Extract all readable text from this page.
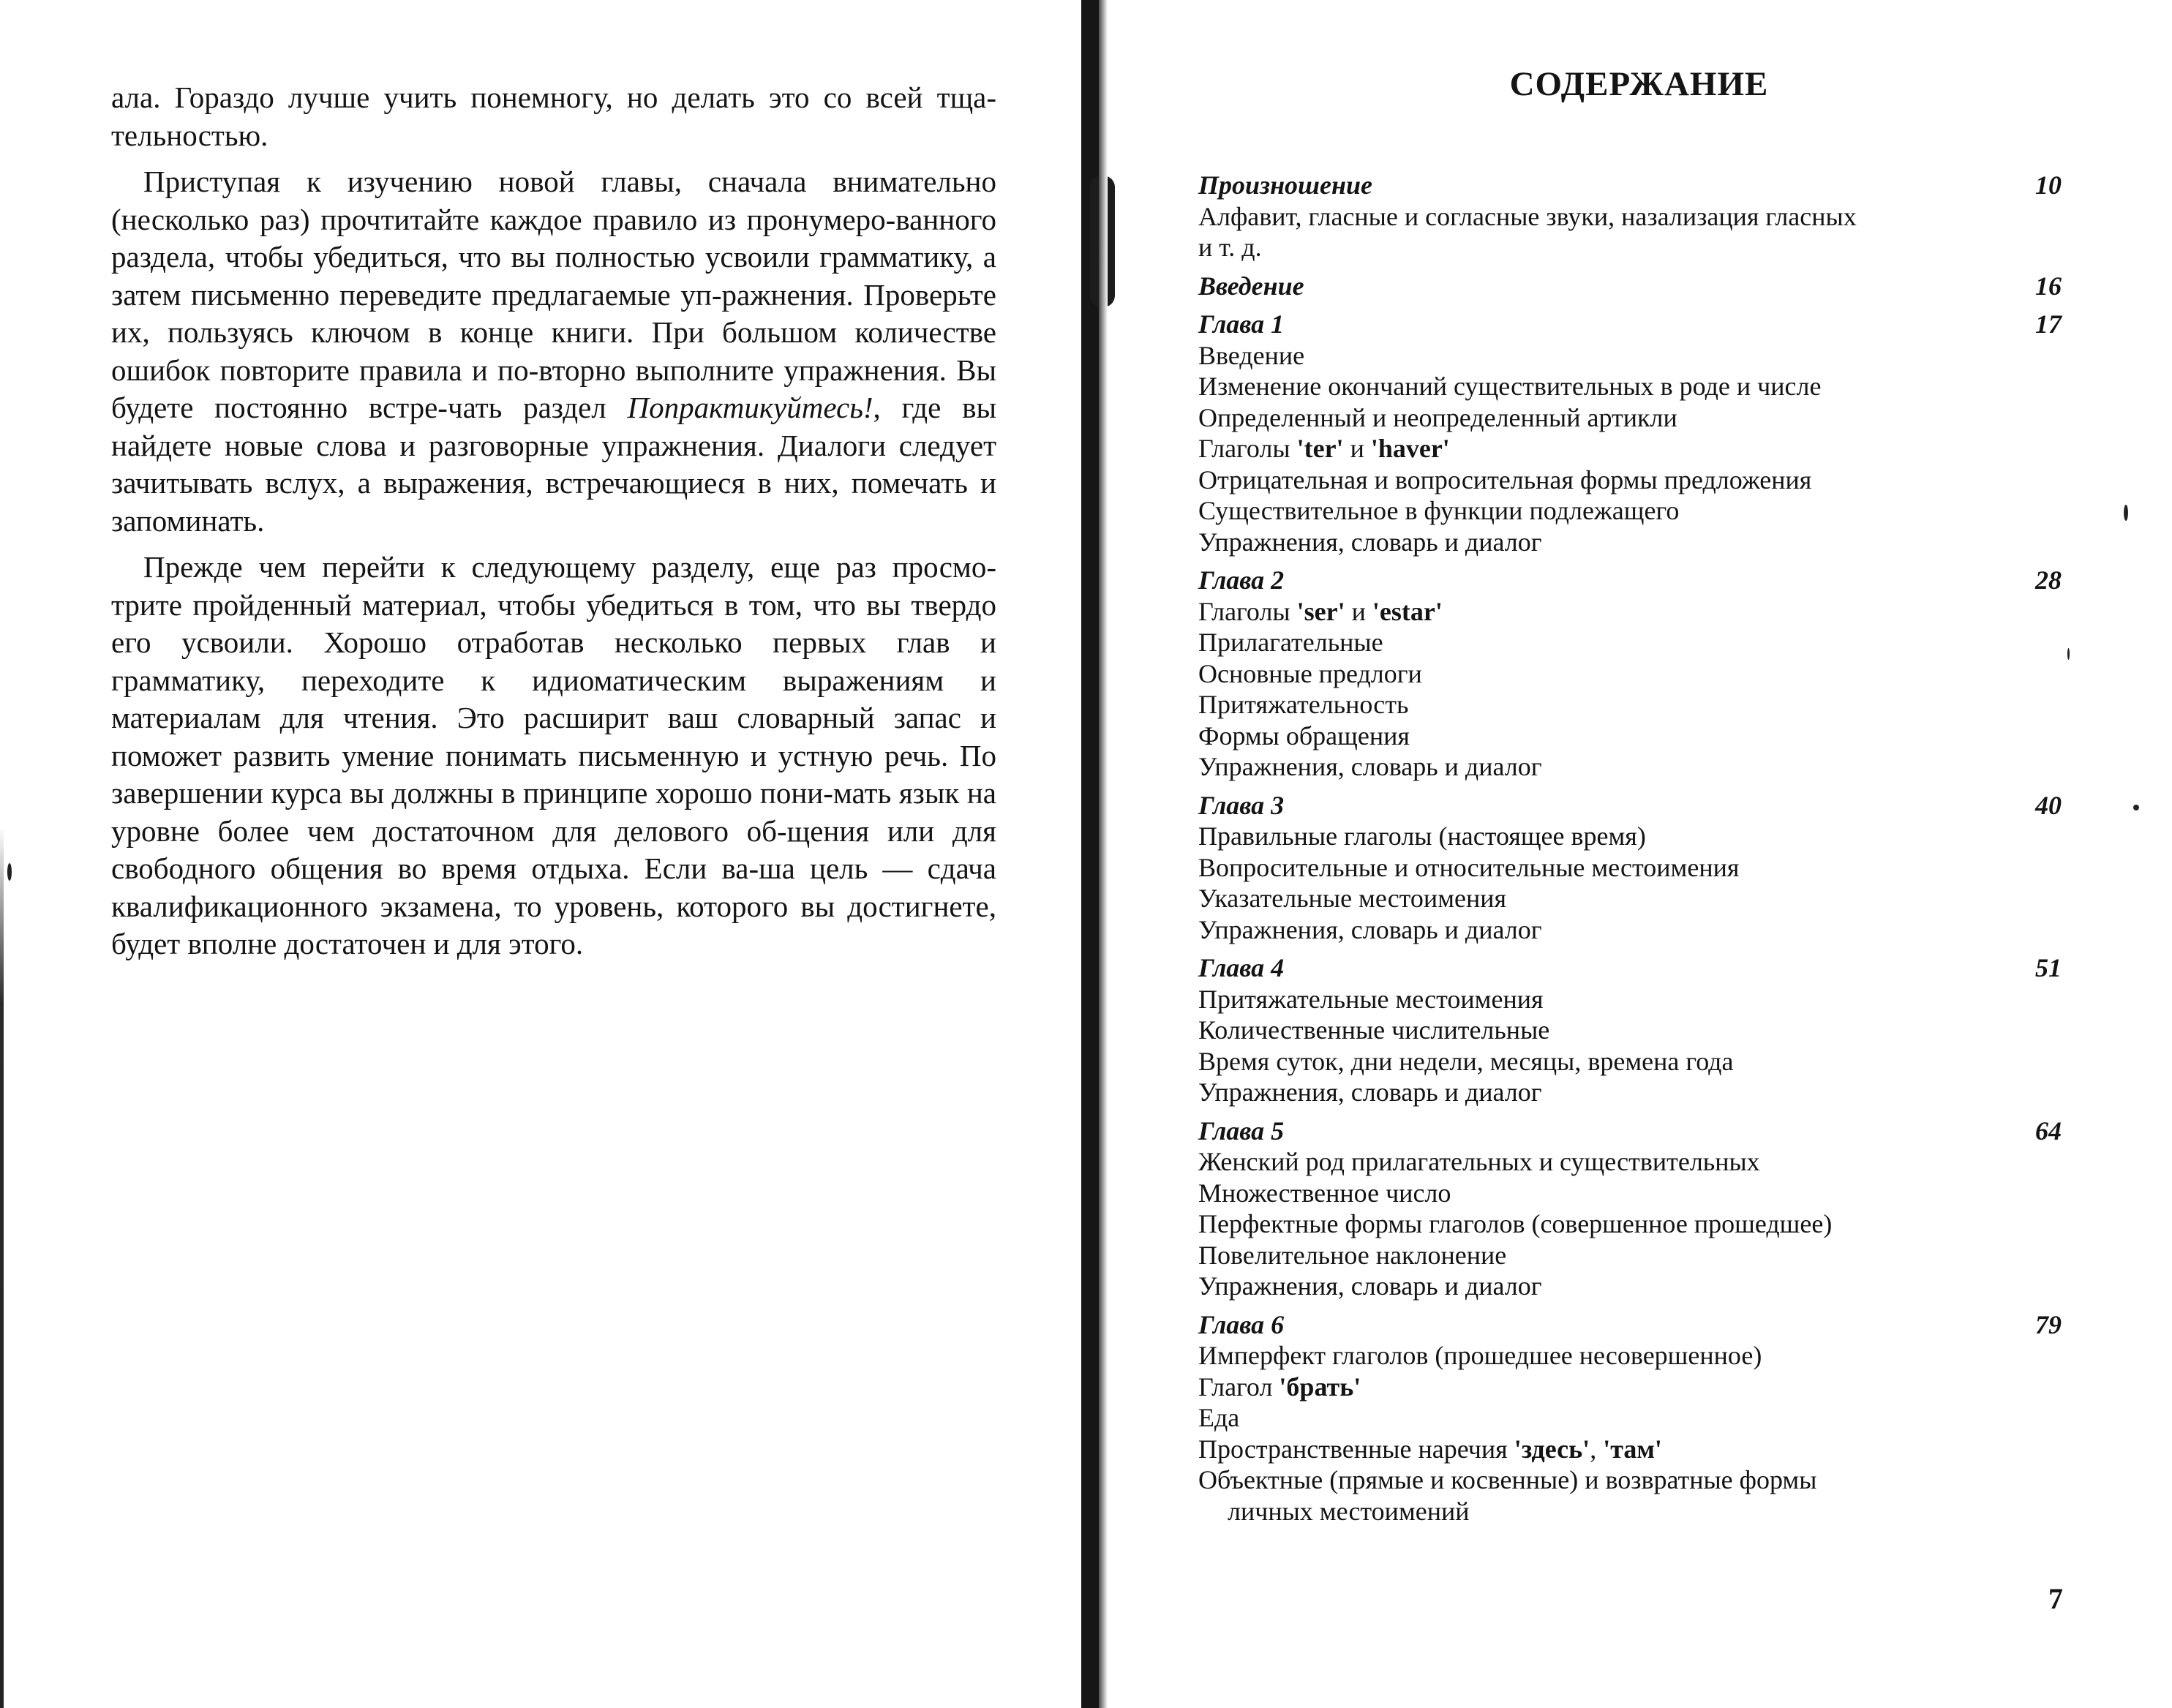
ала. Гораздо лучше учить понемногу, но делать это со всей тща-тельностью.

Приступая к изучению новой главы, сначала внимательно (несколько раз) прочтитайте каждое правило из пронумеро-ванного раздела, чтобы убедиться, что вы полностью усвоили грамматику, а затем письменно переведите предлагаемые уп-ражнения. Проверьте их, пользуясь ключом в конце книги. При большом количестве ошибок повторите правила и по-вторно выполните упражнения. Вы будете постоянно встре-чать раздел Попрактикуйтесь!, где вы найдете новые слова и разговорные упражнения. Диалоги следует зачитывать вслух, а выражения, встречающиеся в них, помечать и запоминать.

Прежде чем перейти к следующему разделу, еще раз просмо-трите пройденный материал, чтобы убедиться в том, что вы твердо его усвоили. Хорошо отработав несколько первых глав и грамматику, переходите к идиоматическим выражениям и материалам для чтения. Это расширит ваш словарный запас и поможет развить умение понимать письменную и устную речь. По завершении курса вы должны в принципе хорошо пони-мать язык на уровне более чем достаточном для делового об-щения или для свободного общения во время отдыха. Если ва-ша цель — сдача квалификационного экзамена, то уровень, которого вы достигнете, будет вполне достаточен и для этого.

СОДЕРЖАНИЕ
Произношение	10
Алфавит, гласные и согласные звуки, назализация гласных
и т. д.
Введение	16
Глава 1	17
Введение
Изменение окончаний существительных в роде и числе
Определенный и неопределенный артикли
Глаголы 'ter' и 'haver'
Отрицательная и вопросительная формы предложения
Существительное в функции подлежащего
Упражнения, словарь и диалог
Глава 2	28
Глаголы 'ser' и 'estar'
Прилагательные
Основные предлоги
Притяжательность
Формы обращения
Упражнения, словарь и диалог
Глава 3	40
Правильные глаголы (настоящее время)
Вопросительные и относительные местоимения
Указательные местоимения
Упражнения, словарь и диалог
Глава 4	51
Притяжательные местоимения
Количественные числительные
Время суток, дни недели, месяцы, времена года
Упражнения, словарь и диалог
Глава 5	64
Женский род прилагательных и существительных
Множественное число
Перфектные формы глаголов (совершенное прошедшее)
Повелительное наклонение
Упражнения, словарь и диалог
Глава 6	79
Имперфект глаголов (прошедшее несовершенное)
Глагол 'брать'
Еда
Пространственные наречия 'здесь', 'там'
Объектные (прямые и косвенные) и возвратные формы
личных местоимений
7
